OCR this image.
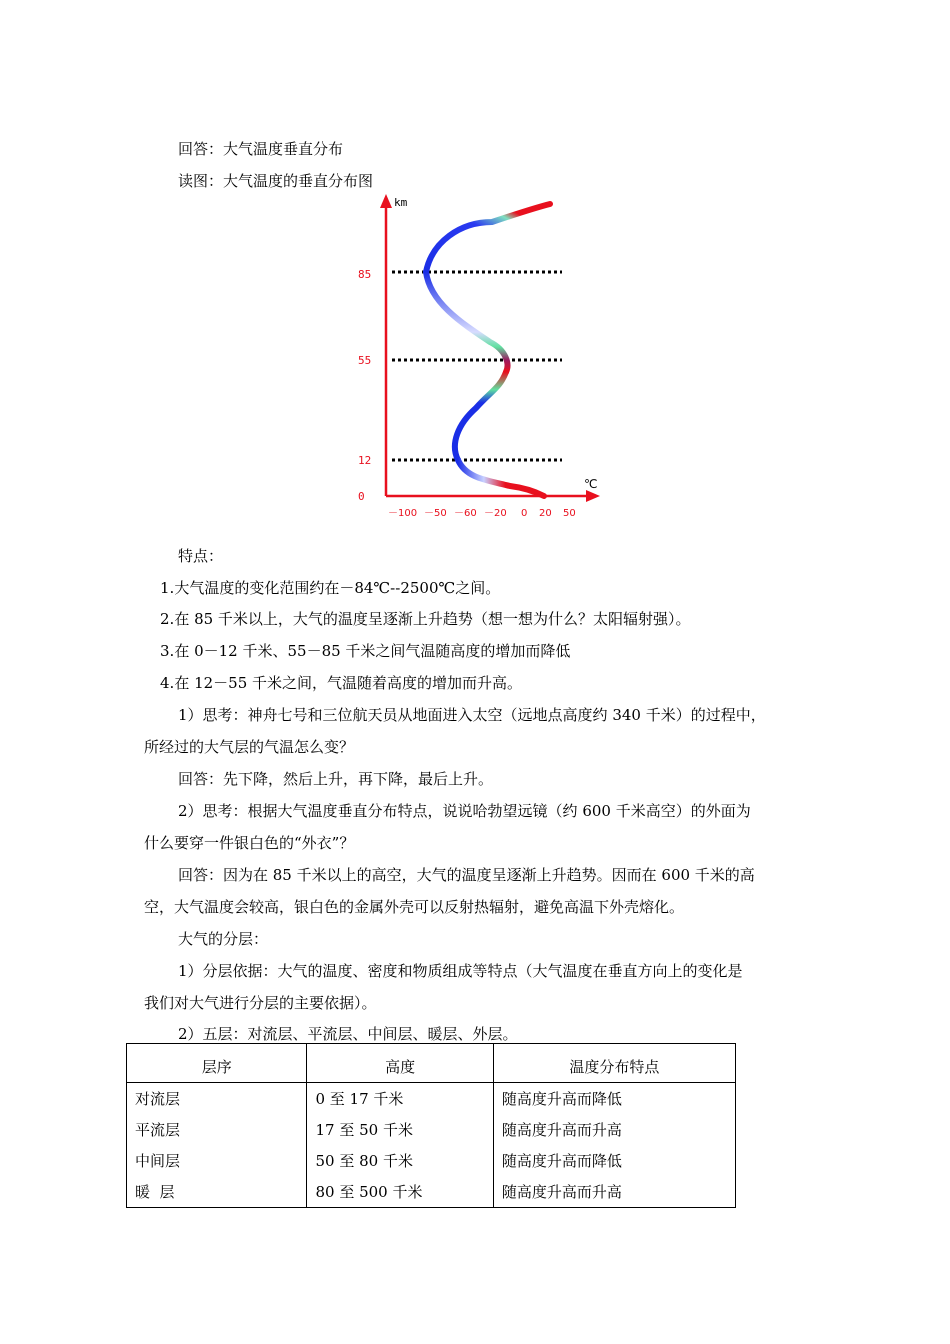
回答：大气温度垂直分布
读图：大气温度的垂直分布图
km
℃
85
55
12
0
－100 －50 －60 －20 0 20 50
特点：
1.大气温度的变化范围约在－84℃--2500℃之间。
2.在 85 千米以上，大气的温度呈逐渐上升趋势（想一想为什么？太阳辐射强）。
3.在 0－12 千米、55－85 千米之间气温随高度的增加而降低
4.在 12－55 千米之间，气温随着高度的增加而升高。
1）思考：神舟七号和三位航天员从地面进入太空（远地点高度约 340 千米）的过程中，
所经过的大气层的气温怎么变？
回答：先下降，然后上升，再下降，最后上升。
2）思考：根据大气温度垂直分布特点，说说哈勃望远镜（约 600 千米高空）的外面为
什么要穿一件银白色的“外衣”？
回答：因为在 85 千米以上的高空，大气的温度呈逐渐上升趋势。因而在 600 千米的高
空，大气温度会较高，银白色的金属外壳可以反射热辐射，避免高温下外壳熔化。
大气的分层：
1）分层依据：大气的温度、密度和物质组成等特点（大气温度在垂直方向上的变化是
我们对大气进行分层的主要依据）。
2）五层：对流层、平流层、中间层、暖层、外层。
层序	高度	温度分布特点
对流层	0 至 17 千米	随高度升高而降低
平流层	17 至 50 千米	随高度升高而升高
中间层	50 至 80 千米	随高度升高而降低
暖  层	80 至 500 千米	随高度升高而升高
